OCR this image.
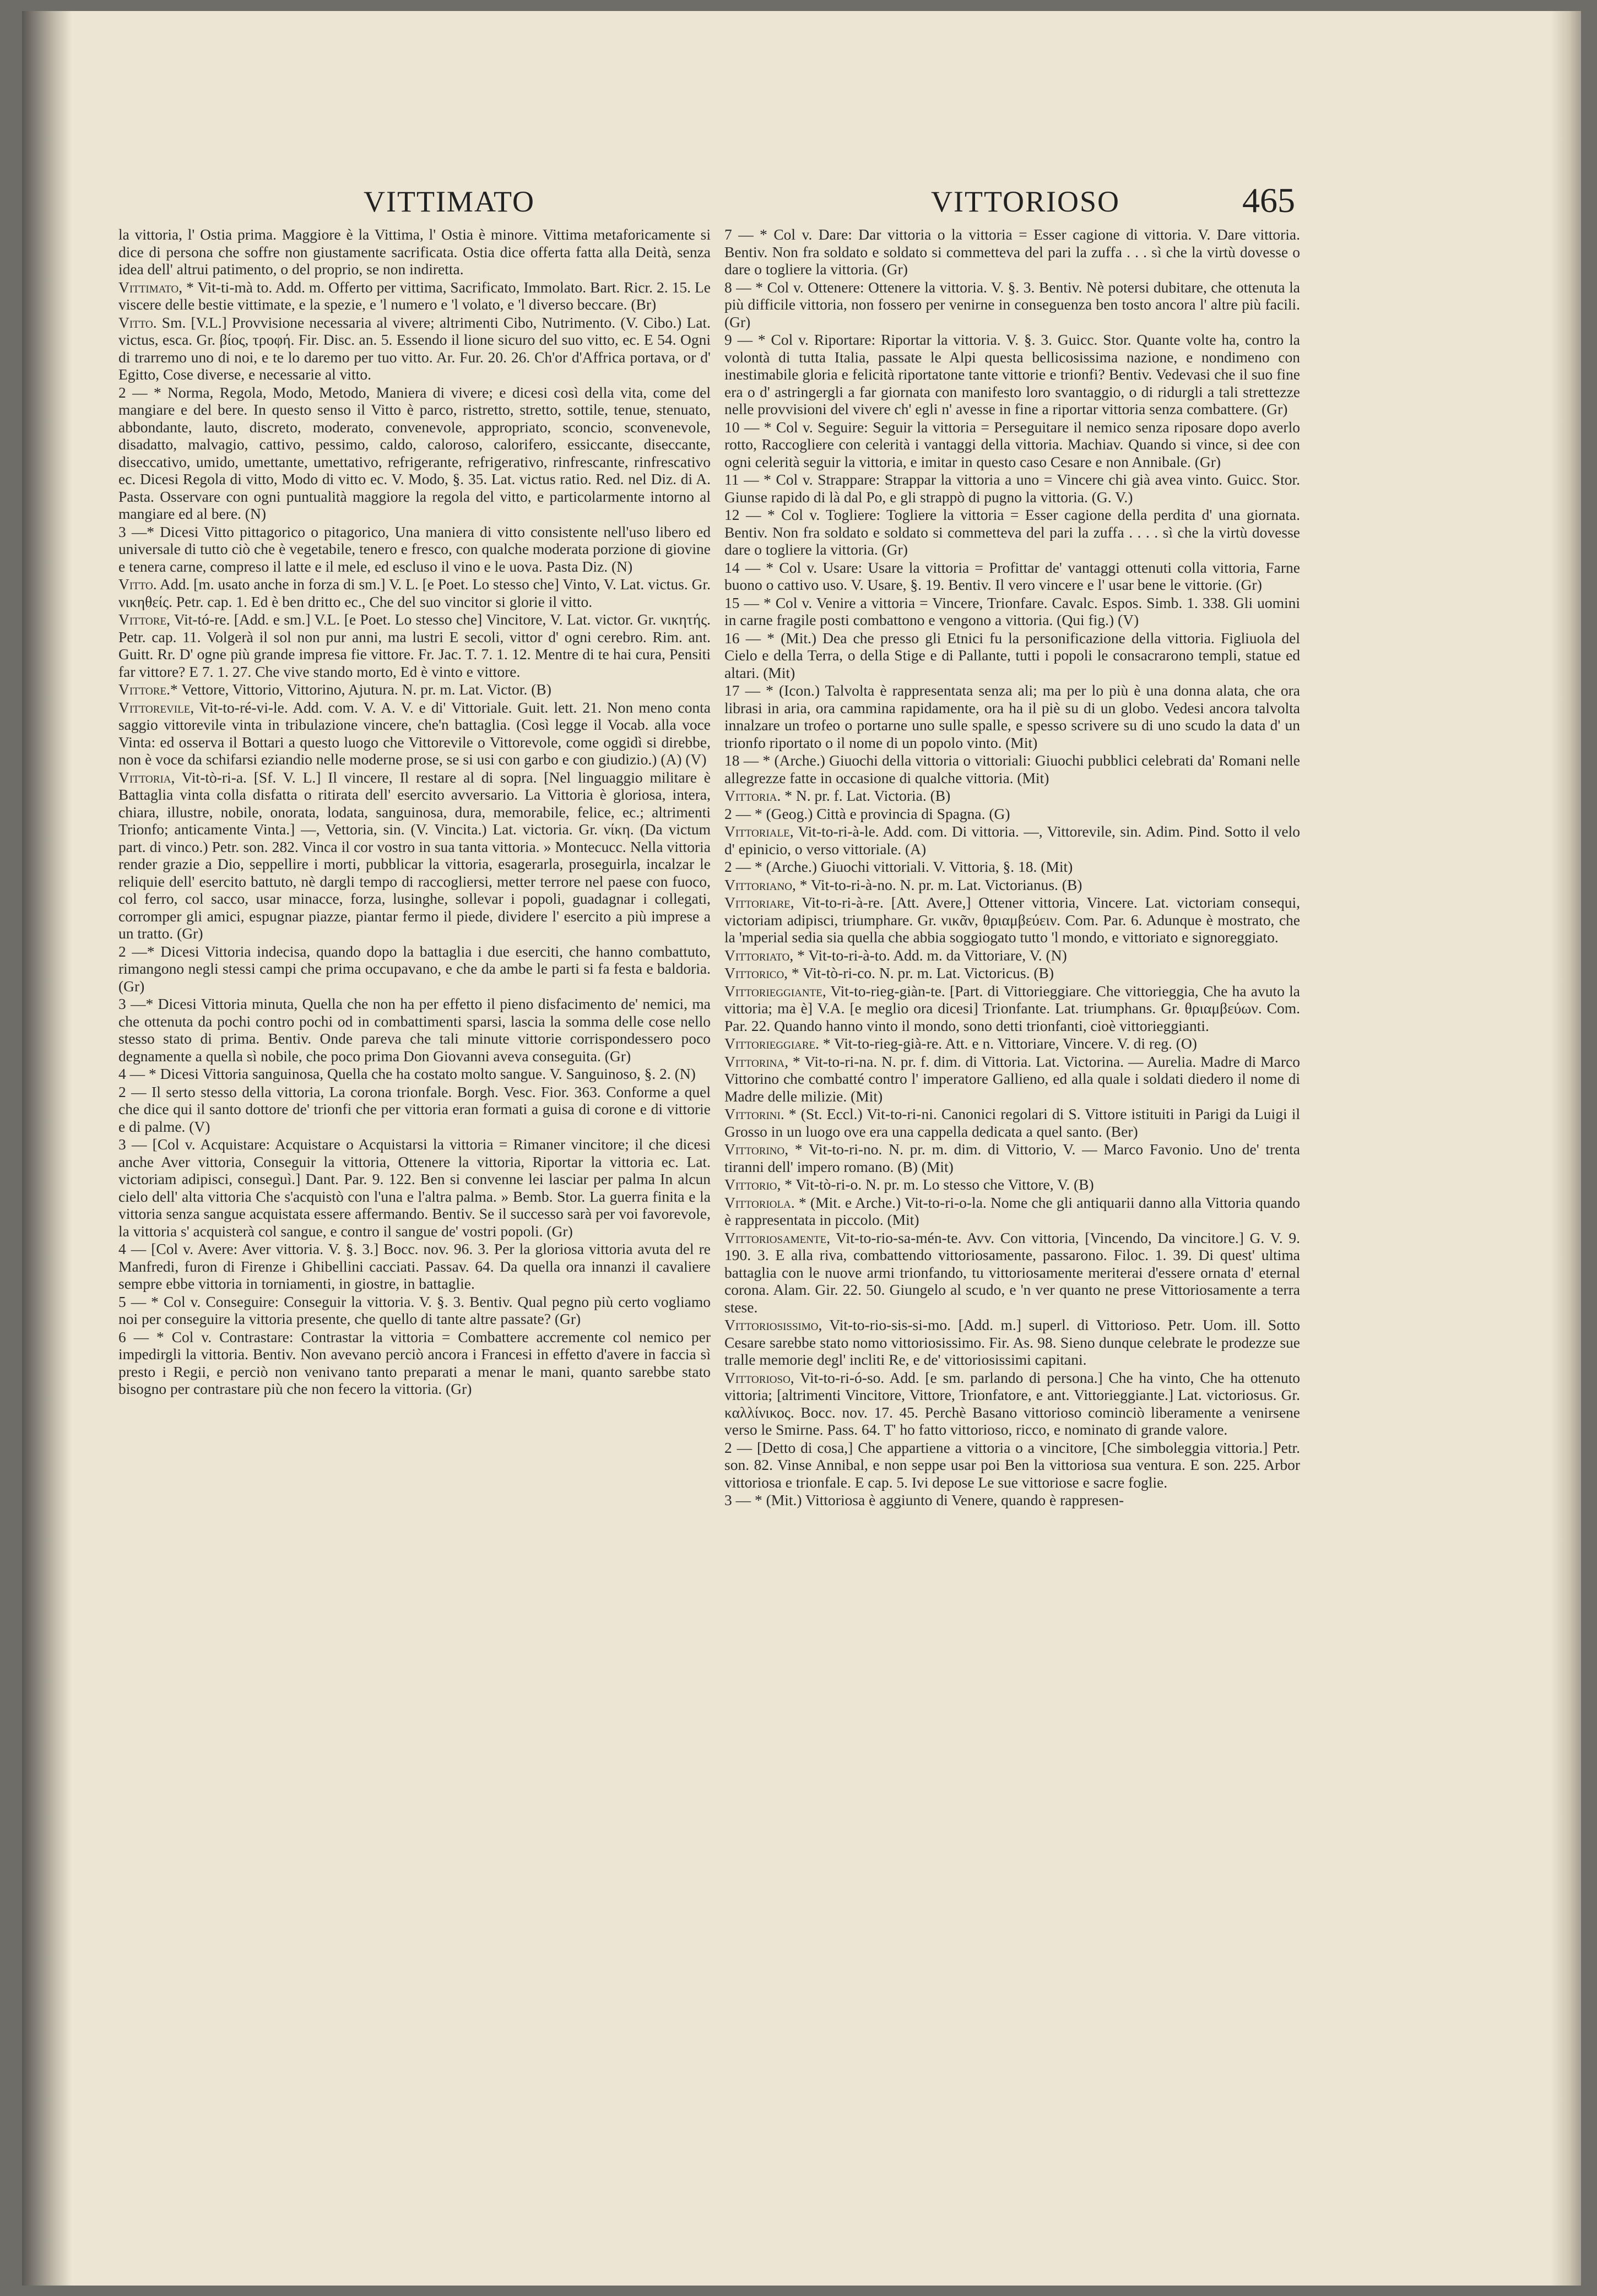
VITTIMATO	VITTORIOSO	465
la vittoria, l' Ostia prima. Maggiore è la Vittima, l' Ostia è minore. Vittima metaforicamente si dice di persona che soffre non giustamente sacrificata. Ostia dice offerta fatta alla Deità, senza idea dell' altrui patimento, o del proprio, se non indiretta.
Vittimato, * Vit-ti-mà to. Add. m. Offerto per vittima, Sacrificato, Immolato. Bart. Ricr. 2. 15. Le viscere delle bestie vittimate, e la spezie, e 'l numero e 'l volato, e 'l diverso beccare. (Br)
Vitto. Sm. [V.L.] Provvisione necessaria al vivere; altrimenti Cibo, Nutrimento. (V. Cibo.) Lat. victus, esca. Gr. βίος, τροφή. Fir. Disc. an. 5. Essendo il lione sicuro del suo vitto, ec. E 54. Ogni di trarremo uno di noi, e te lo daremo per tuo vitto. Ar. Fur. 20. 26. Ch'or d'Affrica portava, or d' Egitto, Cose diverse, e necessarie al vitto.
2 — * Norma, Regola, Modo, Metodo, Maniera di vivere; e dicesi così della vita, come del mangiare e del bere. In questo senso il Vitto è parco, ristretto, stretto, sottile, tenue, stenuato, abbondante, lauto, discreto, moderato, convenevole, appropriato, sconcio, sconvenevole, disadatto, malvagio, cattivo, pessimo, caldo, caloroso, calorifero, essiccante, diseccante, diseccativo, umido, umettante, umettativo, refrigerante, refrigerativo, rinfrescante, rinfrescativo ec. Dicesi Regola di vitto, Modo di vitto ec. V. Modo, §. 35. Lat. victus ratio. Red. nel Diz. di A. Pasta. Osservare con ogni puntualità maggiore la regola del vitto, e particolarmente intorno al mangiare ed al bere. (N)
3 —* Dicesi Vitto pittagorico o pitagorico, Una maniera di vitto consistente nell'uso libero ed universale di tutto ciò che è vegetabile, tenero e fresco, con qualche moderata porzione di giovine e tenera carne, compreso il latte e il mele, ed escluso il vino e le uova. Pasta Diz. (N)
Vitto. Add. [m. usato anche in forza di sm.] V. L. [e Poet. Lo stesso che] Vinto, V. Lat. victus. Gr. νικηθείς. Petr. cap. 1. Ed è ben dritto ec., Che del suo vincitor si glorie il vitto.
Vittore, Vit-tó-re. [Add. e sm.] V.L. [e Poet. Lo stesso che] Vincitore, V. Lat. victor. Gr. νικητής. Petr. cap. 11. Volgerà il sol non pur anni, ma lustri E secoli, vittor d' ogni cerebro. Rim. ant. Guitt. Rr. D' ogne più grande impresa fie vittore. Fr. Jac. T. 7. 1. 12. Mentre di te hai cura, Pensiti far vittore? E 7. 1. 27. Che vive stando morto, Ed è vinto e vittore.
Vittore.* Vettore, Vittorio, Vittorino, Ajutura. N. pr. m. Lat. Victor. (B)
Vittorevile, Vit-to-ré-vi-le. Add. com. V. A. V. e di' Vittoriale. Guit. lett. 21. Non meno conta saggio vittorevile vinta in tribulazione vincere, che'n battaglia. (Così legge il Vocab. alla voce Vinta: ed osserva il Bottari a questo luogo che Vittorevile o Vittorevole, come oggidì si direbbe, non è voce da schifarsi eziandio nelle moderne prose, se si usi con garbo e con giudizio.) (A) (V)
Vittoria, Vit-tò-ri-a. [Sf. V. L.] Il vincere, Il restare al di sopra. [Nel linguaggio militare è Battaglia vinta colla disfatta o ritirata dell' esercito avversario. La Vittoria è gloriosa, intera, chiara, illustre, nobile, onorata, lodata, sanguinosa, dura, memorabile, felice, ec.; altrimenti Trionfo; anticamente Vinta.] —, Vettoria, sin. (V. Vincita.) Lat. victoria. Gr. νίκη. (Da victum part. di vinco.) Petr. son. 282. Vinca il cor vostro in sua tanta vittoria. » Montecucc. Nella vittoria render grazie a Dio, seppellire i morti, pubblicar la vittoria, esagerarla, proseguirla, incalzar le reliquie dell' esercito battuto, nè dargli tempo di raccogliersi, metter terrore nel paese con fuoco, col ferro, col sacco, usar minacce, forza, lusinghe, sollevar i popoli, guadagnar i collegati, corromper gli amici, espugnar piazze, piantar fermo il piede, dividere l' esercito a più imprese a un tratto. (Gr)
2 —* Dicesi Vittoria indecisa, quando dopo la battaglia i due eserciti, che hanno combattuto, rimangono negli stessi campi che prima occupavano, e che da ambe le parti si fa festa e baldoria. (Gr)
3 —* Dicesi Vittoria minuta, Quella che non ha per effetto il pieno disfacimento de' nemici, ma che ottenuta da pochi contro pochi od in combattimenti sparsi, lascia la somma delle cose nello stesso stato di prima. Bentiv. Onde pareva che tali minute vittorie corrispondessero poco degnamente a quella sì nobile, che poco prima Don Giovanni aveva conseguita. (Gr)
4 — * Dicesi Vittoria sanguinosa, Quella che ha costato molto sangue. V. Sanguinoso, §. 2. (N)
2 — Il serto stesso della vittoria, La corona trionfale. Borgh. Vesc. Fior. 363. Conforme a quel che dice qui il santo dottore de' trionfi che per vittoria eran formati a guisa di corone e di vittorie e di palme. (V)
3 — [Col v. Acquistare: Acquistare o Acquistarsi la vittoria = Rimaner vincitore; il che dicesi anche Aver vittoria, Conseguir la vittoria, Ottenere la vittoria, Riportar la vittoria ec. Lat. victoriam adipisci, conseguì.] Dant. Par. 9. 122. Ben si convenne lei lasciar per palma In alcun cielo dell' alta vittoria Che s'acquistò con l'una e l'altra palma. » Bemb. Stor. La guerra finita e la vittoria senza sangue acquistata essere affermando. Bentiv. Se il successo sarà per voi favorevole, la vittoria s' acquisterà col sangue, e contro il sangue de' vostri popoli. (Gr)
4 — [Col v. Avere: Aver vittoria. V. §. 3.] Bocc. nov. 96. 3. Per la gloriosa vittoria avuta del re Manfredi, furon di Firenze i Ghibellini cacciati. Passav. 64. Da quella ora innanzi il cavaliere sempre ebbe vittoria in torniamenti, in giostre, in battaglie.
5 — * Col v. Conseguire: Conseguir la vittoria. V. §. 3. Bentiv. Qual pegno più certo vogliamo noi per conseguire la vittoria presente, che quello di tante altre passate? (Gr)
6 — * Col v. Contrastare: Contrastar la vittoria = Combattere accremente col nemico per impedirgli la vittoria. Bentiv. Non avevano perciò ancora i Francesi in effetto d'avere in faccia sì presto i Regii, e perciò non venivano tanto preparati a menar le mani, quanto sarebbe stato bisogno per contrastare più che non fecero la vittoria. (Gr)
7 — * Col v. Dare: Dar vittoria o la vittoria = Esser cagione di vittoria. V. Dare vittoria. Bentiv. Non fra soldato e soldato si commetteva del pari la zuffa . . . sì che la virtù dovesse o dare o togliere la vittoria. (Gr)
8 — * Col v. Ottenere: Ottenere la vittoria. V. §. 3. Bentiv. Nè potersi dubitare, che ottenuta la più difficile vittoria, non fossero per venirne in conseguenza ben tosto ancora l' altre più facili. (Gr)
9 — * Col v. Riportare: Riportar la vittoria. V. §. 3. Guicc. Stor. Quante volte ha, contro la volontà di tutta Italia, passate le Alpi questa bellicosissima nazione, e nondimeno con inestimabile gloria e felicità riportatone tante vittorie e trionfi? Bentiv. Vedevasi che il suo fine era o d' astringergli a far giornata con manifesto loro svantaggio, o di ridurgli a tali strettezze nelle provvisioni del vivere ch' egli n' avesse in fine a riportar vittoria senza combattere. (Gr)
10 — * Col v. Seguire: Seguir la vittoria = Perseguitare il nemico senza riposare dopo averlo rotto, Raccogliere con celerità i vantaggi della vittoria. Machiav. Quando si vince, si dee con ogni celerità seguir la vittoria, e imitar in questo caso Cesare e non Annibale. (Gr)
11 — * Col v. Strappare: Strappar la vittoria a uno = Vincere chi già avea vinto. Guicc. Stor. Giunse rapido di là dal Po, e gli strappò di pugno la vittoria. (G. V.)
12 — * Col v. Togliere: Togliere la vittoria = Esser cagione della perdita d' una giornata. Bentiv. Non fra soldato e soldato si commetteva del pari la zuffa . . . . sì che la virtù dovesse dare o togliere la vittoria. (Gr)
14 — * Col v. Usare: Usare la vittoria = Profittar de' vantaggi ottenuti colla vittoria, Farne buono o cattivo uso. V. Usare, §. 19. Bentiv. Il vero vincere e l' usar bene le vittorie. (Gr)
15 — * Col v. Venire a vittoria = Vincere, Trionfare. Cavalc. Espos. Simb. 1. 338. Gli uomini in carne fragile posti combattono e vengono a vittoria. (Qui fig.) (V)
16 — * (Mit.) Dea che presso gli Etnici fu la personificazione della vittoria. Figliuola del Cielo e della Terra, o della Stige e di Pallante, tutti i popoli le consacrarono templi, statue ed altari. (Mit)
17 — * (Icon.) Talvolta è rappresentata senza ali; ma per lo più è una donna alata, che ora librasi in aria, ora cammina rapidamente, ora ha il piè su di un globo. Vedesi ancora talvolta innalzare un trofeo o portarne uno sulle spalle, e spesso scrivere su di uno scudo la data d' un trionfo riportato o il nome di un popolo vinto. (Mit)
18 — * (Arche.) Giuochi della vittoria o vittoriali: Giuochi pubblici celebrati da' Romani nelle allegrezze fatte in occasione di qualche vittoria. (Mit)
Vittoria. * N. pr. f. Lat. Victoria. (B)
2 — * (Geog.) Città e provincia di Spagna. (G)
Vittoriale, Vit-to-ri-à-le. Add. com. Di vittoria. —, Vittorevile, sin. Adim. Pind. Sotto il velo d' epinicio, o verso vittoriale. (A)
2 — * (Arche.) Giuochi vittoriali. V. Vittoria, §. 18. (Mit)
Vittoriano, * Vit-to-ri-à-no. N. pr. m. Lat. Victorianus. (B)
Vittoriare, Vit-to-ri-à-re. [Att. Avere,] Ottener vittoria, Vincere. Lat. victoriam consequi, victoriam adipisci, triumphare. Gr. νικᾶν, θριαμβεύειν. Com. Par. 6. Adunque è mostrato, che la 'mperial sedia sia quella che abbia soggiogato tutto 'l mondo, e vittoriato e signoreggiato.
Vittoriato, * Vit-to-ri-à-to. Add. m. da Vittoriare, V. (N)
Vittorico, * Vit-tò-ri-co. N. pr. m. Lat. Victoricus. (B)
Vittorieggiante, Vit-to-rieg-giàn-te. [Part. di Vittorieggiare. Che vittorieggia, Che ha avuto la vittoria; ma è] V.A. [e meglio ora dicesi] Trionfante. Lat. triumphans. Gr. θριαμβεύων. Com. Par. 22. Quando hanno vinto il mondo, sono detti trionfanti, cioè vittorieggianti.
Vittorieggiare. * Vit-to-rieg-già-re. Att. e n. Vittoriare, Vincere. V. di reg. (O)
Vittorina, * Vit-to-ri-na. N. pr. f. dim. di Vittoria. Lat. Victorina. — Aurelia. Madre di Marco Vittorino che combatté contro l' imperatore Gallieno, ed alla quale i soldati diedero il nome di Madre delle milizie. (Mit)
Vittorini. * (St. Eccl.) Vit-to-ri-ni. Canonici regolari di S. Vittore istituiti in Parigi da Luigi il Grosso in un luogo ove era una cappella dedicata a quel santo. (Ber)
Vittorino, * Vit-to-ri-no. N. pr. m. dim. di Vittorio, V. — Marco Favonio. Uno de' trenta tiranni dell' impero romano. (B) (Mit)
Vittorio, * Vit-tò-ri-o. N. pr. m. Lo stesso che Vittore, V. (B)
Vittoriola. * (Mit. e Arche.) Vit-to-ri-o-la. Nome che gli antiquarii danno alla Vittoria quando è rappresentata in piccolo. (Mit)
Vittoriosamente, Vit-to-rio-sa-mén-te. Avv. Con vittoria, [Vincendo, Da vincitore.] G. V. 9. 190. 3. E alla riva, combattendo vittoriosamente, passarono. Filoc. 1. 39. Di quest' ultima battaglia con le nuove armi trionfando, tu vittoriosamente meriterai d'essere ornata d' eternal corona. Alam. Gir. 22. 50. Giungelo al scudo, e 'n ver quanto ne prese Vittoriosamente a terra stese.
Vittoriosissimo, Vit-to-rio-sis-si-mo. [Add. m.] superl. di Vittorioso. Petr. Uom. ill. Sotto Cesare sarebbe stato nomo vittoriosissimo. Fir. As. 98. Sieno dunque celebrate le prodezze sue tralle memorie degl' incliti Re, e de' vittoriosissimi capitani.
Vittorioso, Vit-to-ri-ó-so. Add. [e sm. parlando di persona.] Che ha vinto, Che ha ottenuto vittoria; [altrimenti Vincitore, Vittore, Trionfatore, e ant. Vittorieggiante.] Lat. victoriosus. Gr. καλλίνικος. Bocc. nov. 17. 45. Perchè Basano vittorioso cominciò liberamente a venirsene verso le Smirne. Pass. 64. T' ho fatto vittorioso, ricco, e nominato di grande valore.
2 — [Detto di cosa,] Che appartiene a vittoria o a vincitore, [Che simboleggia vittoria.] Petr. son. 82. Vinse Annibal, e non seppe usar poi Ben la vittoriosa sua ventura. E son. 225. Arbor vittoriosa e trionfale. E cap. 5. Ivi depose Le sue vittoriose e sacre foglie.
3 — * (Mit.) Vittoriosa è aggiunto di Venere, quando è rappresen-
